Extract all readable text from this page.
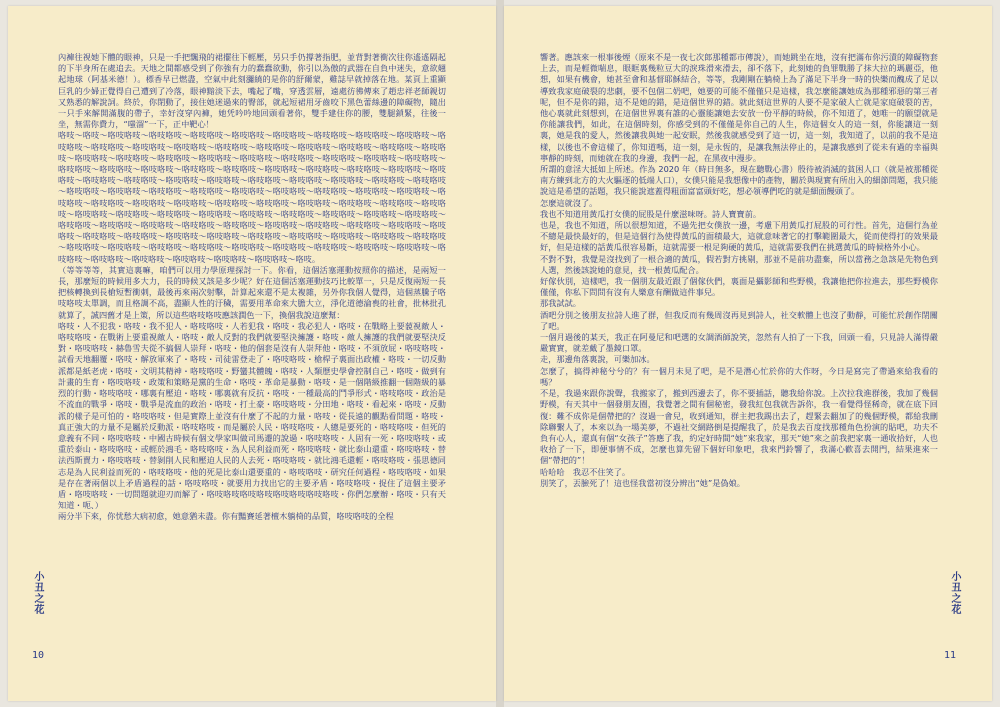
內褲往視她下體的眼神，只是一手把飄飛的裙擺往下輕壓，另只手仍撐著指肥，並背對著衝次往你遙遙隔起的下半身所在處追去。天地之間都感受到了你強有力的蠢蠢欲動，你引以為傲的武器在自負中迷失，意欲翹起地球（阿基米德！）。標香早已燃盡，空氣中此刻瀰繞的是你的舒爾蒙，雞誌早就掉落在地。某頁上重顯巨乳的少婦正覺得自己遭到了冷落，眼神黯淡下去，嘴起了嘴，穿透雲層，遠處彷彿傳來了趙忠祥老師親切又熟悉的解說詞。終於，你閉動了，接住她迷過來的臀部，就起短裙用牙齒咬下黑色蕾絲邊的障礙物，隨出一只手來解開滿腹的帶子，幸好沒穿內褲，她凭吟吟地回頭看著你，雙手建住你的腰，雙腿鎖緊，往後一坐，無需你費力，“嗤溜”一下，正中靶心！

咯吱～咯吱～咯吱咯吱～咯吱咯吱～咯吱咯吱～咯吱咯吱～咯吱咯吱～咯吱咯吱～咯吱咯吱～咯吱咯吱～咯吱咯吱～咯吱咯吱～咯吱咯吱～咯吱咯吱～咯吱咯吱～咯吱咯吱～咯吱咯吱～咯吱咯吱～咯吱咯吱～咯吱咯吱～咯吱咯吱～咯吱咯吱～咯吱咯吱～咯吱咯吱～咯吱咯吱～咯吱咯吱～咯吱咯吱～咯吱咯吱～咯吱咯吱～咯吱咯吱～咯吱咯吱～咯吱咯吱～咯吱咯吱～咯吱咯吱～咯吱咯吱～咯吱咯吱～咯吱咯吱～咯吱咯吱～咯吱咯吱～咯吱咯吱～咯吱咯吱～咯吱咯吱～咯吱咯吱～咯吱咯吱～咯吱咯吱～咯吱咯吱～咯吱咯吱～咯吱咯吱～咯吱咯吱～咯吱咯吱～咯吱咯吱～咯吱咯吱～咯吱咯吱～咯吱咯吱～咯吱咯吱～咯吱咯吱～咯吱咯吱～咯吱咯吱～咯吱咯吱～咯吱咯吱～咯吱咯吱～咯吱咯吱～咯吱咯吱～咯吱咯吱～咯吱咯吱～咯吱咯吱～咯吱咯吱～咯吱咯吱～咯吱咯吱～咯吱咯吱～咯吱咯吱～咯吱咯吱～咯吱咯吱～咯吱咯吱～咯吱咯吱～咯吱咯吱～咯吱咯吱～咯吱咯吱～咯吱咯吱～咯吱咯吱～咯吱咯吱～咯吱咯吱～咯吱咯吱～咯吱咯吱～咯吱咯吱～咯吱咯吱～咯吱咯吱～咯吱咯吱～咯吱咯吱～咯吱咯吱～咯吱咯吱～咯吱咯吱～咯吱咯吱～咯吱咯吱～咯吱咯吱～咯吱咯吱～咯吱咯吱～咯吱咯吱～咯吱咯吱～咯吱咯吱～咯吱咯吱～咯吱咯吱～咯吱咯吱～咯吱咯吱～咯吱咯吱～咯吱咯吱～咯吱咯吱～咯吱咯吱～咯吱咯吱～咯吱咯吱～咯吱。

（等等等等，其實這裏嘛，咱們可以用力學原理探討一下。你看，這個活塞運動按照你的描述，是兩短一長，那麼短的時候用多大力，長的時候又該是多少呢？好在這個活塞運動技巧比較單一，只是反復兩短一長把核轉換到長槍短暫衝刺，最後再來兩次射擊，計算起來還不是太複雜，另外你我個人覺得，這個蒸騰子咯吱咯吱太單調，而且格調不高，盡顯人性的汙穢，需要用革命來大膽大立，淨化道德淪喪的社會，批林批孔就算了，誠四舊才是上策，所以這些咯吱咯吱應該潤色一下，換個我說這麼幫：

咯吱・人不犯我・咯吱・我不犯人・咯吱咯吱・人若犯我・咯吱・我必犯人・咯吱・在戰略上要藐視敵人・咯吱咯吱・在戰術上要重視敵人・咯吱・敵人反對的我們就要堅決擁護・咯吱・敵人擁護的我們就要堅決反對・咯吱咯吱・赫魯雪夫從不搞個人崇拜・咯吱・他的個套是沒有人崇拜他・咯吱・不須放屁・咯吱咯吱・試看天地翻覆・咯吱・解放軍來了・咯吱・司徒雷登走了・咯吱咯吱・槍桿子裏面出政權・咯吱・一切反動派都是紙老虎・咯吱・文明其精神・咯吱咯吱・野蠻其體魄・咯吱・人類歷史學會控制自己・咯吱・做到有計畫的生育・咯吱咯吱・政策和策略是黨的生命・咯吱・革命是暴動・咯吱・是一個階級推翻一個階級的暴烈的行動・咯吱咯吱・哪裏有壓迫・咯吱・哪裏就有反抗・咯吱・一種最高的鬥爭形式・咯吱咯吱・政治是不流血的戰爭・咯吱・戰爭是流血的政治・咯吱・打土豪・咯吱咯吱・分田地・咯吱・看起來・咯吱・反動派的樣子是可怕的・咯吱咯吱・但是實際上並沒有什麼了不起的力量・咯吱・從長遠的觀點看問題・咯吱・真正強大的力量不是屬於反動派・咯吱咯吱・而是屬於人民・咯吱咯吱・人總是要死的・咯吱咯吱・但死的意義有不同・咯吱咯吱・中國古時候有個文學家叫做司馬遷的說過・咯吱咯吱・人固有一死・咯吱咯吱・或重於泰山・咯吱咯吱・或輕於鴻毛・咯吱咯吱・為人民利益而死・咯吱咯吱・就比泰山還重・咯吱咯吱・替法西斯賣力・咯吱咯吱・替剝削人民和壓迫人民的人去死・咯吱咯吱・就比鴻毛還輕・咯吱咯吱・張思德同志是為人民利益而死的・咯吱咯吱・他的死是比泰山還要重的・咯吱咯吱・研究任何過程・咯吱咯吱・如果是存在著兩個以上矛盾過程的話・咯吱咯吱・就要用力找出它的主要矛盾・咯吱咯吱・捉住了這個主要矛盾・咯吱咯吱・一切問題就迎刃而解了・咯吱咯吱咯吱咯吱咯吱咯吱咯吱咯吱・你們怎麼辦・咯吱・只有天知道・呃、）

兩分半下來，你忧愁大病初愈，她意猶未盡。你有豔賽延著檀木躺椅的品質，咯吱咯吱的全程

小丑之花
10

響著。應該來一根事後煙（原來不是一夜七次郎那種都市傳說），而她跳坐在地，沒有把滿布你污漬的障礙物套上去，而是輕微喘息，眼眶裏幾粒豆大的淚珠滑來滑去，卻不落下，此刻她的負罪戰勝了抹大拉的瑪麗亞，他想，如果有機會，她甚至會和基督耶穌結合，等等，我剛剛在躺椅上為了滿足下半身一時的快樂而醜成了足以導致我家庭破裂的悲劇，要不包個二奶吧，她要的可能不僅僅只是這樣，我怎麼能讓她成為那種邪惡的第三者呢，但不是你的錯，這不是她的錯，是這個世界的錯。就此刻這世界的人要不是家破人亡就是家庭破裂的苦，他心裏就此刻想到，在這個世界裏有誰的心靈能讓她去安放一份平靜的時候，你不知道了，她唯一的願望就是你能讓我們，如此，在這個時刻，你感受到的不僅僅是你自己的人生，你這個女人的這一刻，你能讓這一刻裏，她是我的愛人，然後讓我與她一起安眠，然後我就感受到了這一切，這一刻，我知道了，以前的我不是這樣，以後也不會這樣了，你知道嗎，這一刻，是永恆的，是讓我無法停止的，是讓我感到了從未有過的幸福與寧靜的時刻，而她就在我的身邊，我們一起，在黑夜中漫步。

所謂的意淫大抵如上所述。作為 2020 年（時日無多，現在聽戰心書）殷待被消滅的貧困人口（就是被那種從南方練到北方的大火驅逐的低端人口），女僕只能是我想像中的產物，關於與現實有所出入的細節問題，我只能說這是希望的話題，我只能說遮蓋得粗面富富頭好吃，想必領導們吃的就是細面饅頭了。

怎麼這就沒了。

我也不知道用黃瓜打女僕的屁股是什麼滋味呀。詩人寶寶前。

也是，我也不知道，所以很想知道，不過先把女僕放一邊，考慮下用黃瓜打屁股的可行性。首先，這個行為並不總是最快最好的，但是這個行為使得黃瓜的面積最大，這就意味著它的打擊範圍最大，從而使得打的效果最好，但是這樣的話黃瓜很容易斷，這就需要一根足夠硬的黃瓜，這就需要我們在挑選黃瓜的時候格外小心。

不對不對，我覺是沒找到了一根合適的黃瓜，假若對方挑剔，那並不是前功盡棄，所以當務之急該是先物色到人選，然後該說她的意見，找一根黃瓜配合。

好傢伙別，這樣吧，我一個朋友最近跟了個傢伙們，裏面是攝影師和些野模，我讓他把你拉進去，那些野模你僅僅，你私下問問有沒有人樂意有酬做這件事兒。

那我試試。

酒吧分別之後朋友拉詩人進了群，但我反而有幾周沒再見到詩人，社交軟體上也沒了動靜，可能忙於創作閉關了吧。

一個月過後的某天，我正在阿曼尼和吧選的女調酒師說笑，忽然有人拍了一下我，回頭一看，只見詩人滿得嚴嚴實實，就差戴了墨鏡口罩。

走，那邊角落裏說，可樂加冰。

怎麼了，搞得神秘兮兮的？有一個月未見了吧，是不是潛心忙於你的大作呀，今日是寫完了帶過來給我看的嗎？

不是，我過來跟你說聲，我搬家了，搬到西邊去了，你不要插話，聽我給你說。上次拉我進群後，我加了幾個野模，有天其中一個發朋友圈，我覺著之間有個秘密，發我紅包我就告訴你，我一看覺得怪稀奇，就在底下回復：難不成你是個帶把的？沒過一會兒，收到通知，群主把我踢出去了，趕緊去翻加了的幾個野模，都給我刪除聯繫人了，本來以為一場美夢，不過社交網路倒是提醒我了，於是我去百度找那種角色扮演的貼吧，功夫不負有心人，還真有個“女孩子”答應了我，約定好時間“她”來我家，那天“她”來之前我把家裏一通收拾好，人也收拾了一下，即便事情不成，怎麼也算先留下個好印象吧，我來門鈴響了，我滿心歡喜去開門，結果進來一個“帶把的”！

哈哈哈　我忍不住笑了。

別笑了，丟臉死了！這也怪我當初沒分辨出“她”是偽娘。

小丑之花
11
